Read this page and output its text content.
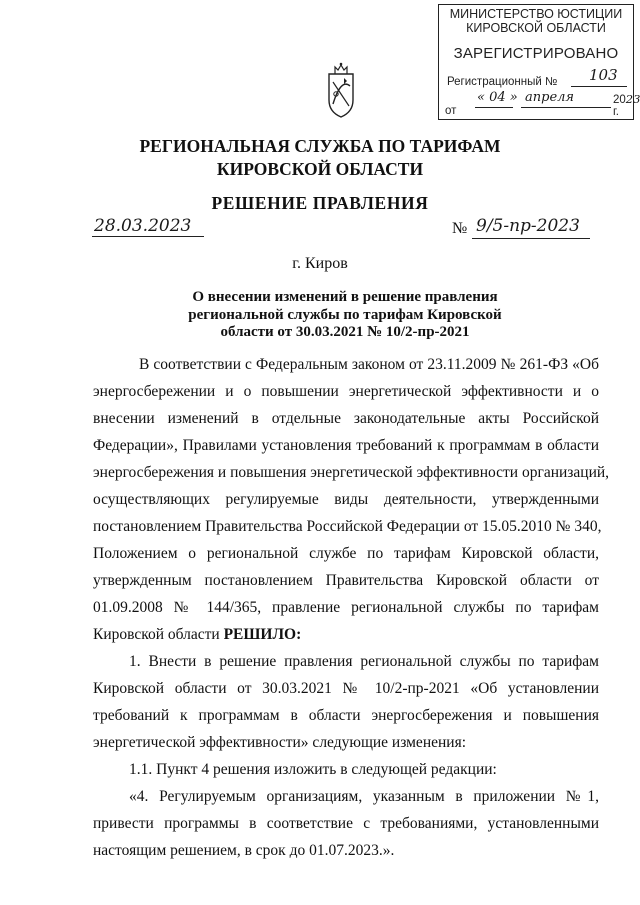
МИНИСТЕРСТВО ЮСТИЦИИ
КИРОВСКОЙ ОБЛАСТИ
ЗАРЕГИСТРИРОВАНО
Регистрационный № 103
от
« 04 » апреля	2023 г.
РЕГИОНАЛЬНАЯ СЛУЖБА ПО ТАРИФАМ
КИРОВСКОЙ ОБЛАСТИ
РЕШЕНИЕ ПРАВЛЕНИЯ
28.03.2023	№ 9/5-пр-2023
г. Киров
О внесении изменений в решение правления
региональной службы по тарифам Кировской
области от 30.03.2021 № 10/2-пр-2021
В соответствии с Федеральным законом от 23.11.2009 № 261-ФЗ «Об
энергосбережении и о повышении энергетической эффективности и о
внесении изменений в отдельные законодательные акты Российской
Федерации», Правилами установления требований к программам в области
энергосбережения и повышения энергетической эффективности организаций,
осуществляющих регулируемые виды деятельности, утвержденными
постановлением Правительства Российской Федерации от 15.05.2010 № 340,
Положением о региональной службе по тарифам Кировской области,
утвержденным постановлением Правительства Кировской области от
01.09.2008 № 144/365, правление региональной службы по тарифам
Кировской области РЕШИЛО:
1. Внести в решение правления региональной службы по тарифам
Кировской области от 30.03.2021 № 10/2-пр-2021 «Об установлении
требований к программам в области энергосбережения и повышения
энергетической эффективности» следующие изменения:
1.1. Пункт 4 решения изложить в следующей редакции:
«4. Регулируемым организациям, указанным в приложении №1,
привести программы в соответствие с требованиями, установленными
настоящим решением, в срок до 01.07.2023.».
